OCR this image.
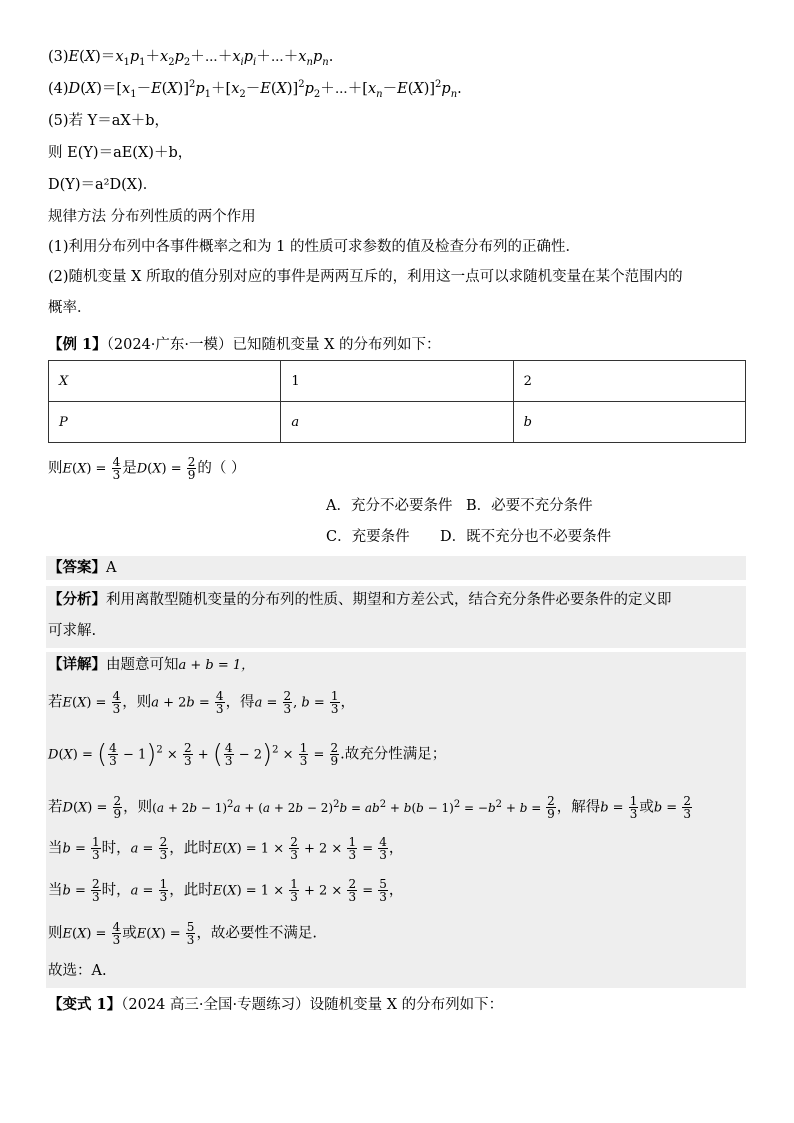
$(3)E(X)=x_1p_1+x_2p_2+\cdots+x_ip_i+\cdots+x_np_n$.
$(4)D(X)=[x_1-E(X)]^2p_1+[x_2-E(X)]^2p_2+\cdots+[x_n-E(X)]^2p_n$.
(5)若 Y＝aX＋b，
则 E(Y)＝aE(X)＋b，
D(Y)＝a²D(X)．
规律方法 分布列性质的两个作用
(1)利用分布列中各事件概率之和为 1 的性质可求参数的值及检查分布列的正确性．
(2)随机变量 X 所取的值分别对应的事件是两两互斥的，利用这一点可以求随机变量在某个范围内的
概率．
【例 1】（2024·广东·一模）已知随机变量 X 的分布列如下：
X	1	2
P	a	b
则$E(X) = \frac{4}{3}$ 是$D(X) = \frac{2}{9}$ 的（ ）
A．充分不必要条件 B．必要不充分条件
C．充要条件 D．既不充分也不必要条件
【答案】A
【分析】利用离散型随机变量的分布列的性质、期望和方差公式，结合充分条件必要条件的定义即
可求解.
【详解】由题意可知a + b = 1，
若$E(X) = \frac{4}{3}$ ，则$a + 2b = \frac{4}{3}$ ，得$a = \frac{2}{3}$ , $b = \frac{1}{3}$ ，
D(X) = ( $\frac{4}{3} - 1)^2 \times \frac{2}{3}$ + ( $\frac{4}{3} - 2)^2 \times \frac{1}{3} = \frac{2}{9}$ .故充分性满足；
若$D(X) = \frac{2}{9}$ ，则$(a + 2b - 1)^2a + (a + 2b - 2)^2b = ab^2 + b(b - 1)^2 = -b^2 + b = \frac{2}{9}$ ，解得$b = \frac{1}{3}$ 或$b = \frac{2}{3}$
当$b = \frac{1}{3}$ 时，$a = \frac{2}{3}$ ，此时$E(X) = 1 \times \frac{2}{3} + 2 \times \frac{1}{3} = \frac{4}{3}$ ，
当$b = \frac{2}{3}$ 时，$a = \frac{1}{3}$ ，此时$E(X) = 1 \times \frac{1}{3} + 2 \times \frac{2}{3} = \frac{5}{3}$ ，
则$E(X) = \frac{4}{3}$ 或$E(X) = \frac{5}{3}$ ，故必要性不满足.
故选：A.
【变式 1】（2024 高三·全国·专题练习）设随机变量 X 的分布列如下：
